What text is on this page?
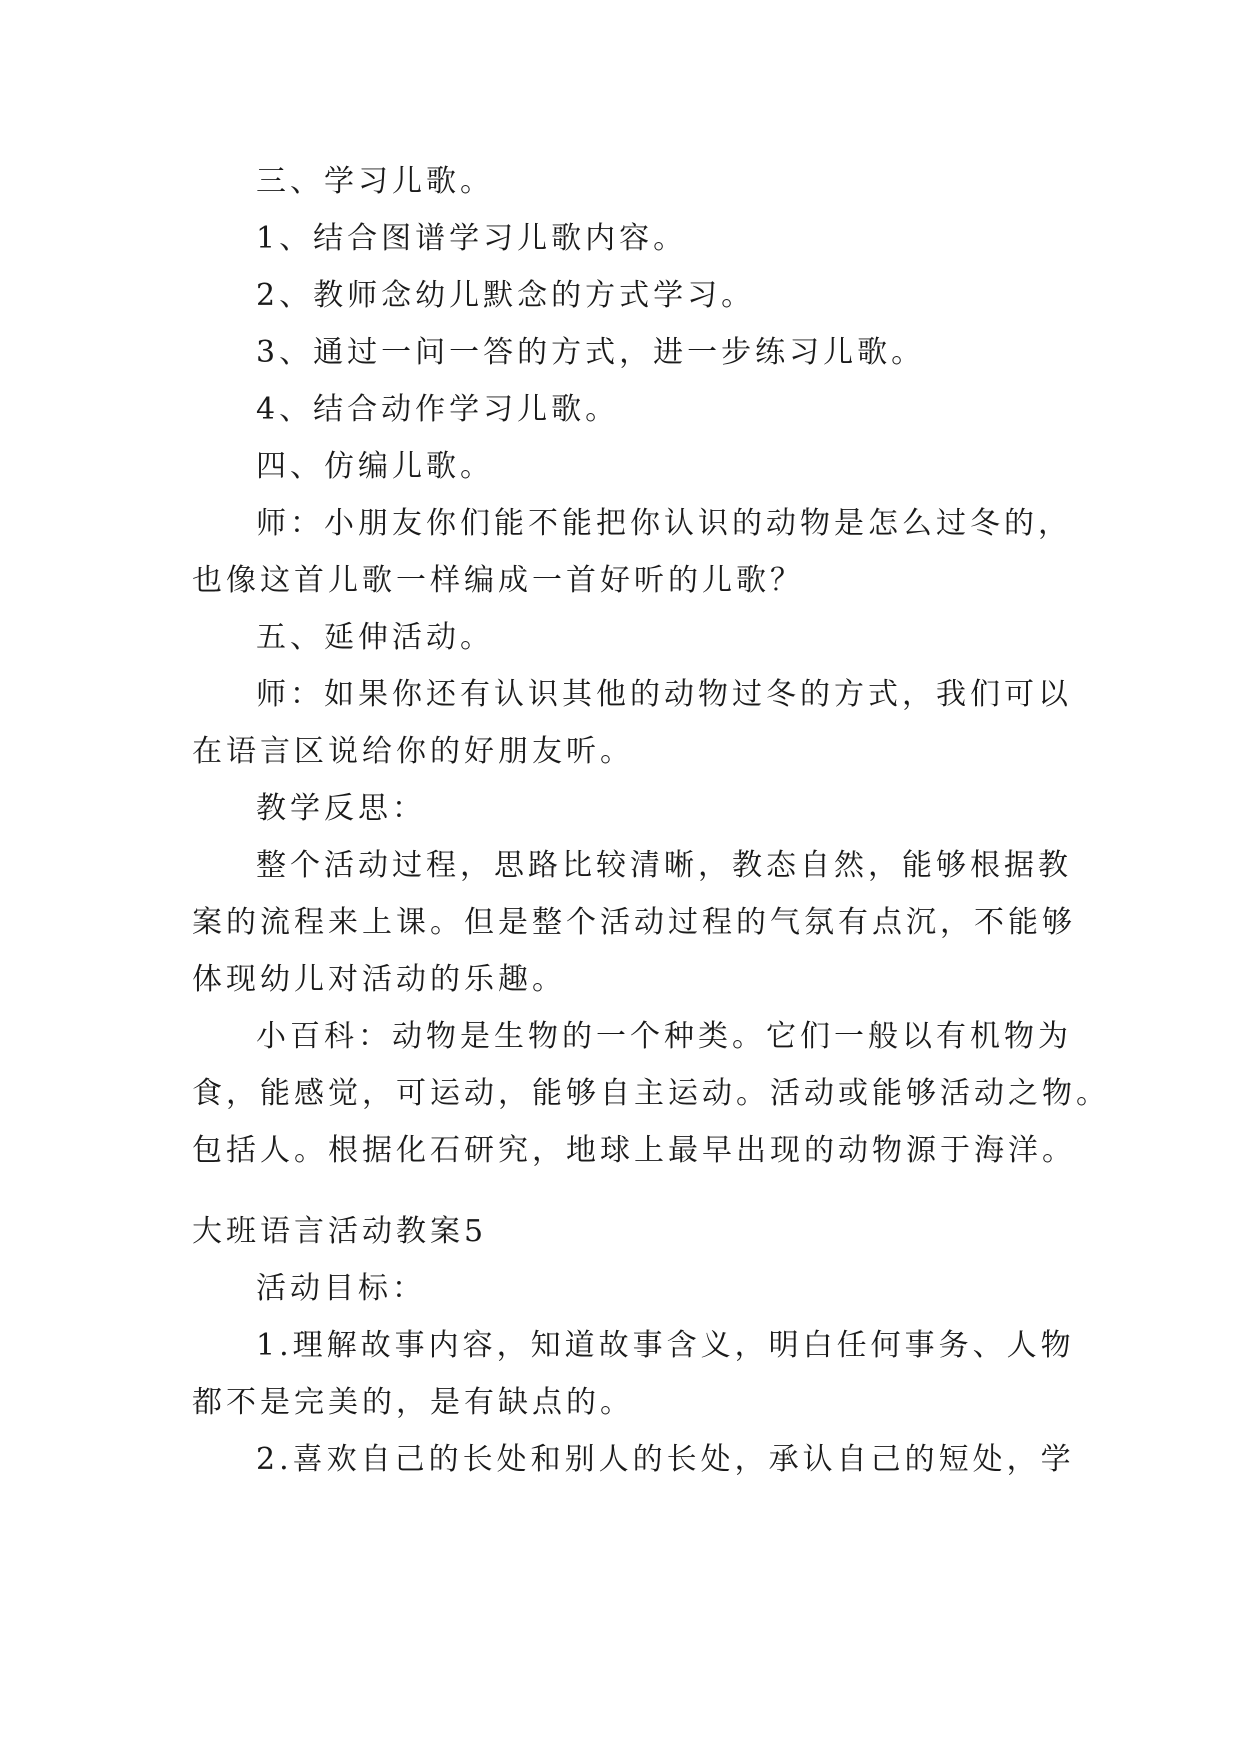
三、学习儿歌。
1、结合图谱学习儿歌内容。
2、教师念幼儿默念的方式学习。
3、通过一问一答的方式，进一步练习儿歌。
4、结合动作学习儿歌。
四、仿编儿歌。
师：小朋友你们能不能把你认识的动物是怎么过冬的，
也像这首儿歌一样编成一首好听的儿歌？
五、延伸活动。
师：如果你还有认识其他的动物过冬的方式，我们可以
在语言区说给你的好朋友听。
教学反思：
整个活动过程，思路比较清晰，教态自然，能够根据教
案的流程来上课。但是整个活动过程的气氛有点沉，不能够
体现幼儿对活动的乐趣。
小百科：动物是生物的一个种类。它们一般以有机物为
食，能感觉，可运动，能够自主运动。活动或能够活动之物。
包括人。根据化石研究，地球上最早出现的动物源于海洋。
大班语言活动教案5
活动目标：
1.理解故事内容，知道故事含义，明白任何事务、人物
都不是完美的，是有缺点的。
2.喜欢自己的长处和别人的长处，承认自己的短处，学
